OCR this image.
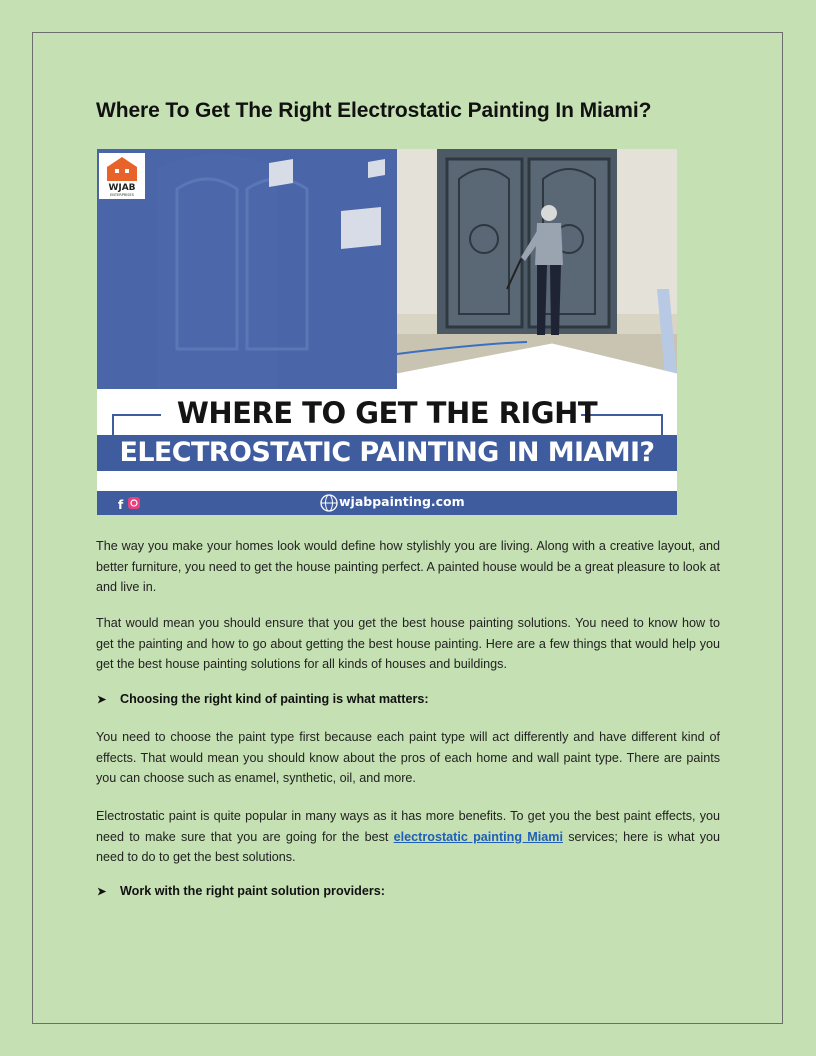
Where To Get The Right Electrostatic Painting In Miami?
f

WJAB

ENTERPRISES

WHERE TO GET THE RIGHT

ELECTROSTATIC PAINTING IN MIAMI?

wjabpainting.com

The way you make your homes look would define how stylishly you are living. Along with a creative layout, and better furniture, you need to get the house painting perfect. A painted house would be a great pleasure to look at and live in.

That would mean you should ensure that you get the best house painting solutions. You need to know how to get the painting and how to go about getting the best house painting. Here are a few things that would help you get the best house painting solutions for all kinds of houses and buildings.

➤	Choosing the right kind of painting is what matters:

You need to choose the paint type first because each paint type will act differently and have different kind of effects. That would mean you should know about the pros of each home and wall paint type. There are paints you can choose such as enamel, synthetic, oil, and more.

Electrostatic paint is quite popular in many ways as it has more benefits. To get you the best paint effects, you need to make sure that you are going for the best electrostatic painting Miami services; here is what you need to do to get the best solutions.

➤	Work with the right paint solution providers:
